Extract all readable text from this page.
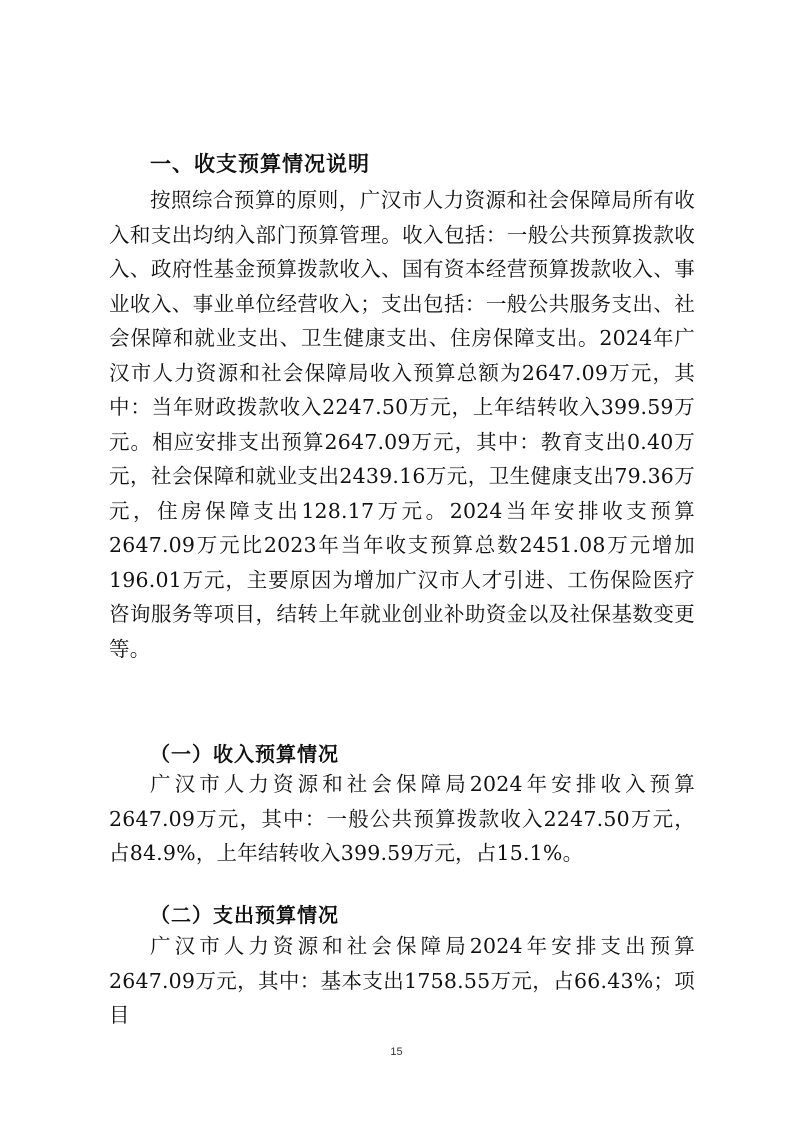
一、收支预算情况说明
按照综合预算的原则，广汉市人力资源和社会保障局所有收入和支出均纳入部门预算管理。收入包括：一般公共预算拨款收入、政府性基金预算拨款收入、国有资本经营预算拨款收入、事业收入、事业单位经营收入；支出包括：一般公共服务支出、社会保障和就业支出、卫生健康支出、住房保障支出。2024年广汉市人力资源和社会保障局收入预算总额为2647.09万元，其中：当年财政拨款收入2247.50万元，上年结转收入399.59万元。相应安排支出预算2647.09万元，其中：教育支出0.40万元，社会保障和就业支出2439.16万元，卫生健康支出79.36万元，住房保障支出128.17万元。2024当年安排收支预算2647.09万元比2023年当年收支预算总数2451.08万元增加196.01万元，主要原因为增加广汉市人才引进、工伤保险医疗咨询服务等项目，结转上年就业创业补助资金以及社保基数变更等。
（一）收入预算情况
广汉市人力资源和社会保障局2024年安排收入预算2647.09万元，其中：一般公共预算拨款收入2247.50万元，占84.9%，上年结转收入399.59万元，占15.1%。
（二）支出预算情况
广汉市人力资源和社会保障局2024年安排支出预算2647.09万元，其中：基本支出1758.55万元，占66.43%；项目
15
